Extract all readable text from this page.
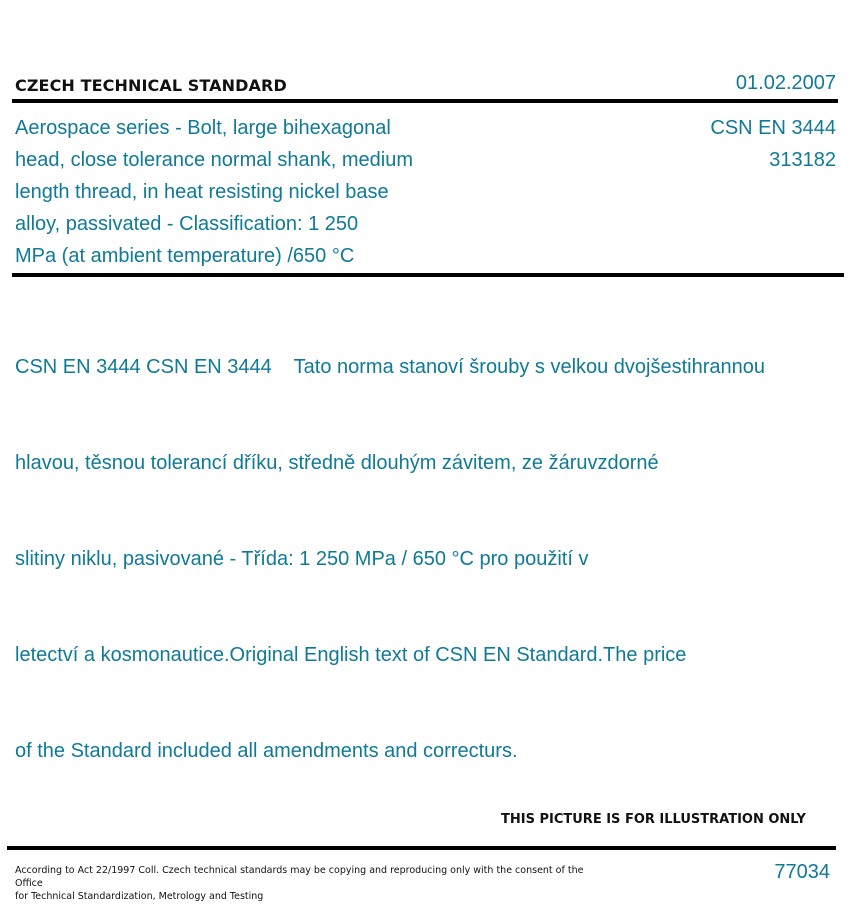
CZECH TECHNICAL STANDARD	01.02.2007
Aerospace series - Bolt, large bihexagonal
head, close tolerance normal shank, medium
length thread, in heat resisting nickel base
alloy, passivated - Classification: 1 250
MPa (at ambient temperature) /650 °C
CSN EN 3444
313182

CSN EN 3444 CSN EN 3444    Tato norma stanoví šrouby s velkou dvojšestihrannou

hlavou, těsnou tolerancí dříku, středně dlouhým závitem, ze žáruvzdorné

slitiny niklu, pasivované - Třída: 1 250 MPa / 650 °C pro použití v

letectví a kosmonautice.Original English text of CSN EN Standard.The price

of the Standard included all amendments and correcturs.

THIS PICTURE IS FOR ILLUSTRATION ONLY
According to Act 22/1997 Coll. Czech technical standards may be copying and reproducing only with the consent of the Office
for Technical Standardization, Metrology and Testing
77034
